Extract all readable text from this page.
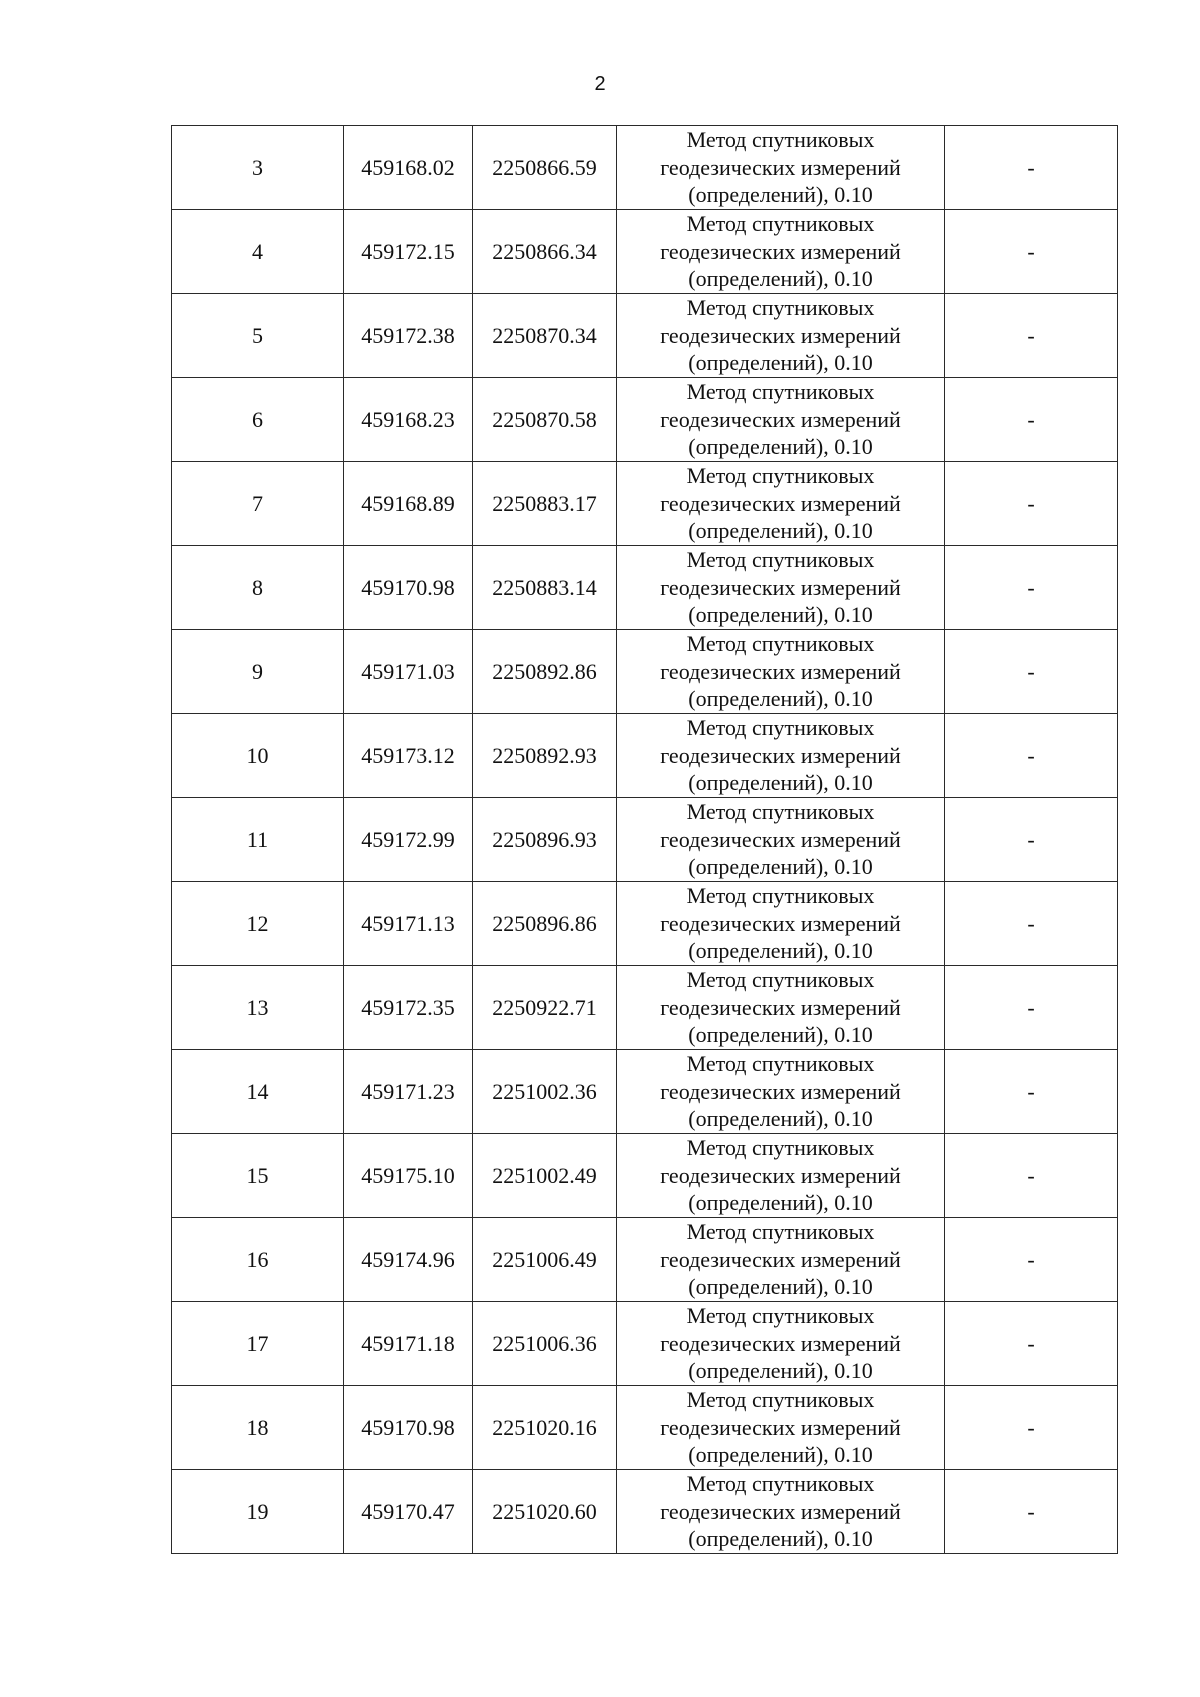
2
3	459168.02	2250866.59	Метод спутниковых
геодезических измерений
(определений), 0.10	-
4	459172.15	2250866.34	Метод спутниковых
геодезических измерений
(определений), 0.10	-
5	459172.38	2250870.34	Метод спутниковых
геодезических измерений
(определений), 0.10	-
6	459168.23	2250870.58	Метод спутниковых
геодезических измерений
(определений), 0.10	-
7	459168.89	2250883.17	Метод спутниковых
геодезических измерений
(определений), 0.10	-
8	459170.98	2250883.14	Метод спутниковых
геодезических измерений
(определений), 0.10	-
9	459171.03	2250892.86	Метод спутниковых
геодезических измерений
(определений), 0.10	-
10	459173.12	2250892.93	Метод спутниковых
геодезических измерений
(определений), 0.10	-
11	459172.99	2250896.93	Метод спутниковых
геодезических измерений
(определений), 0.10	-
12	459171.13	2250896.86	Метод спутниковых
геодезических измерений
(определений), 0.10	-
13	459172.35	2250922.71	Метод спутниковых
геодезических измерений
(определений), 0.10	-
14	459171.23	2251002.36	Метод спутниковых
геодезических измерений
(определений), 0.10	-
15	459175.10	2251002.49	Метод спутниковых
геодезических измерений
(определений), 0.10	-
16	459174.96	2251006.49	Метод спутниковых
геодезических измерений
(определений), 0.10	-
17	459171.18	2251006.36	Метод спутниковых
геодезических измерений
(определений), 0.10	-
18	459170.98	2251020.16	Метод спутниковых
геодезических измерений
(определений), 0.10	-
19	459170.47	2251020.60	Метод спутниковых
геодезических измерений
(определений), 0.10	-
